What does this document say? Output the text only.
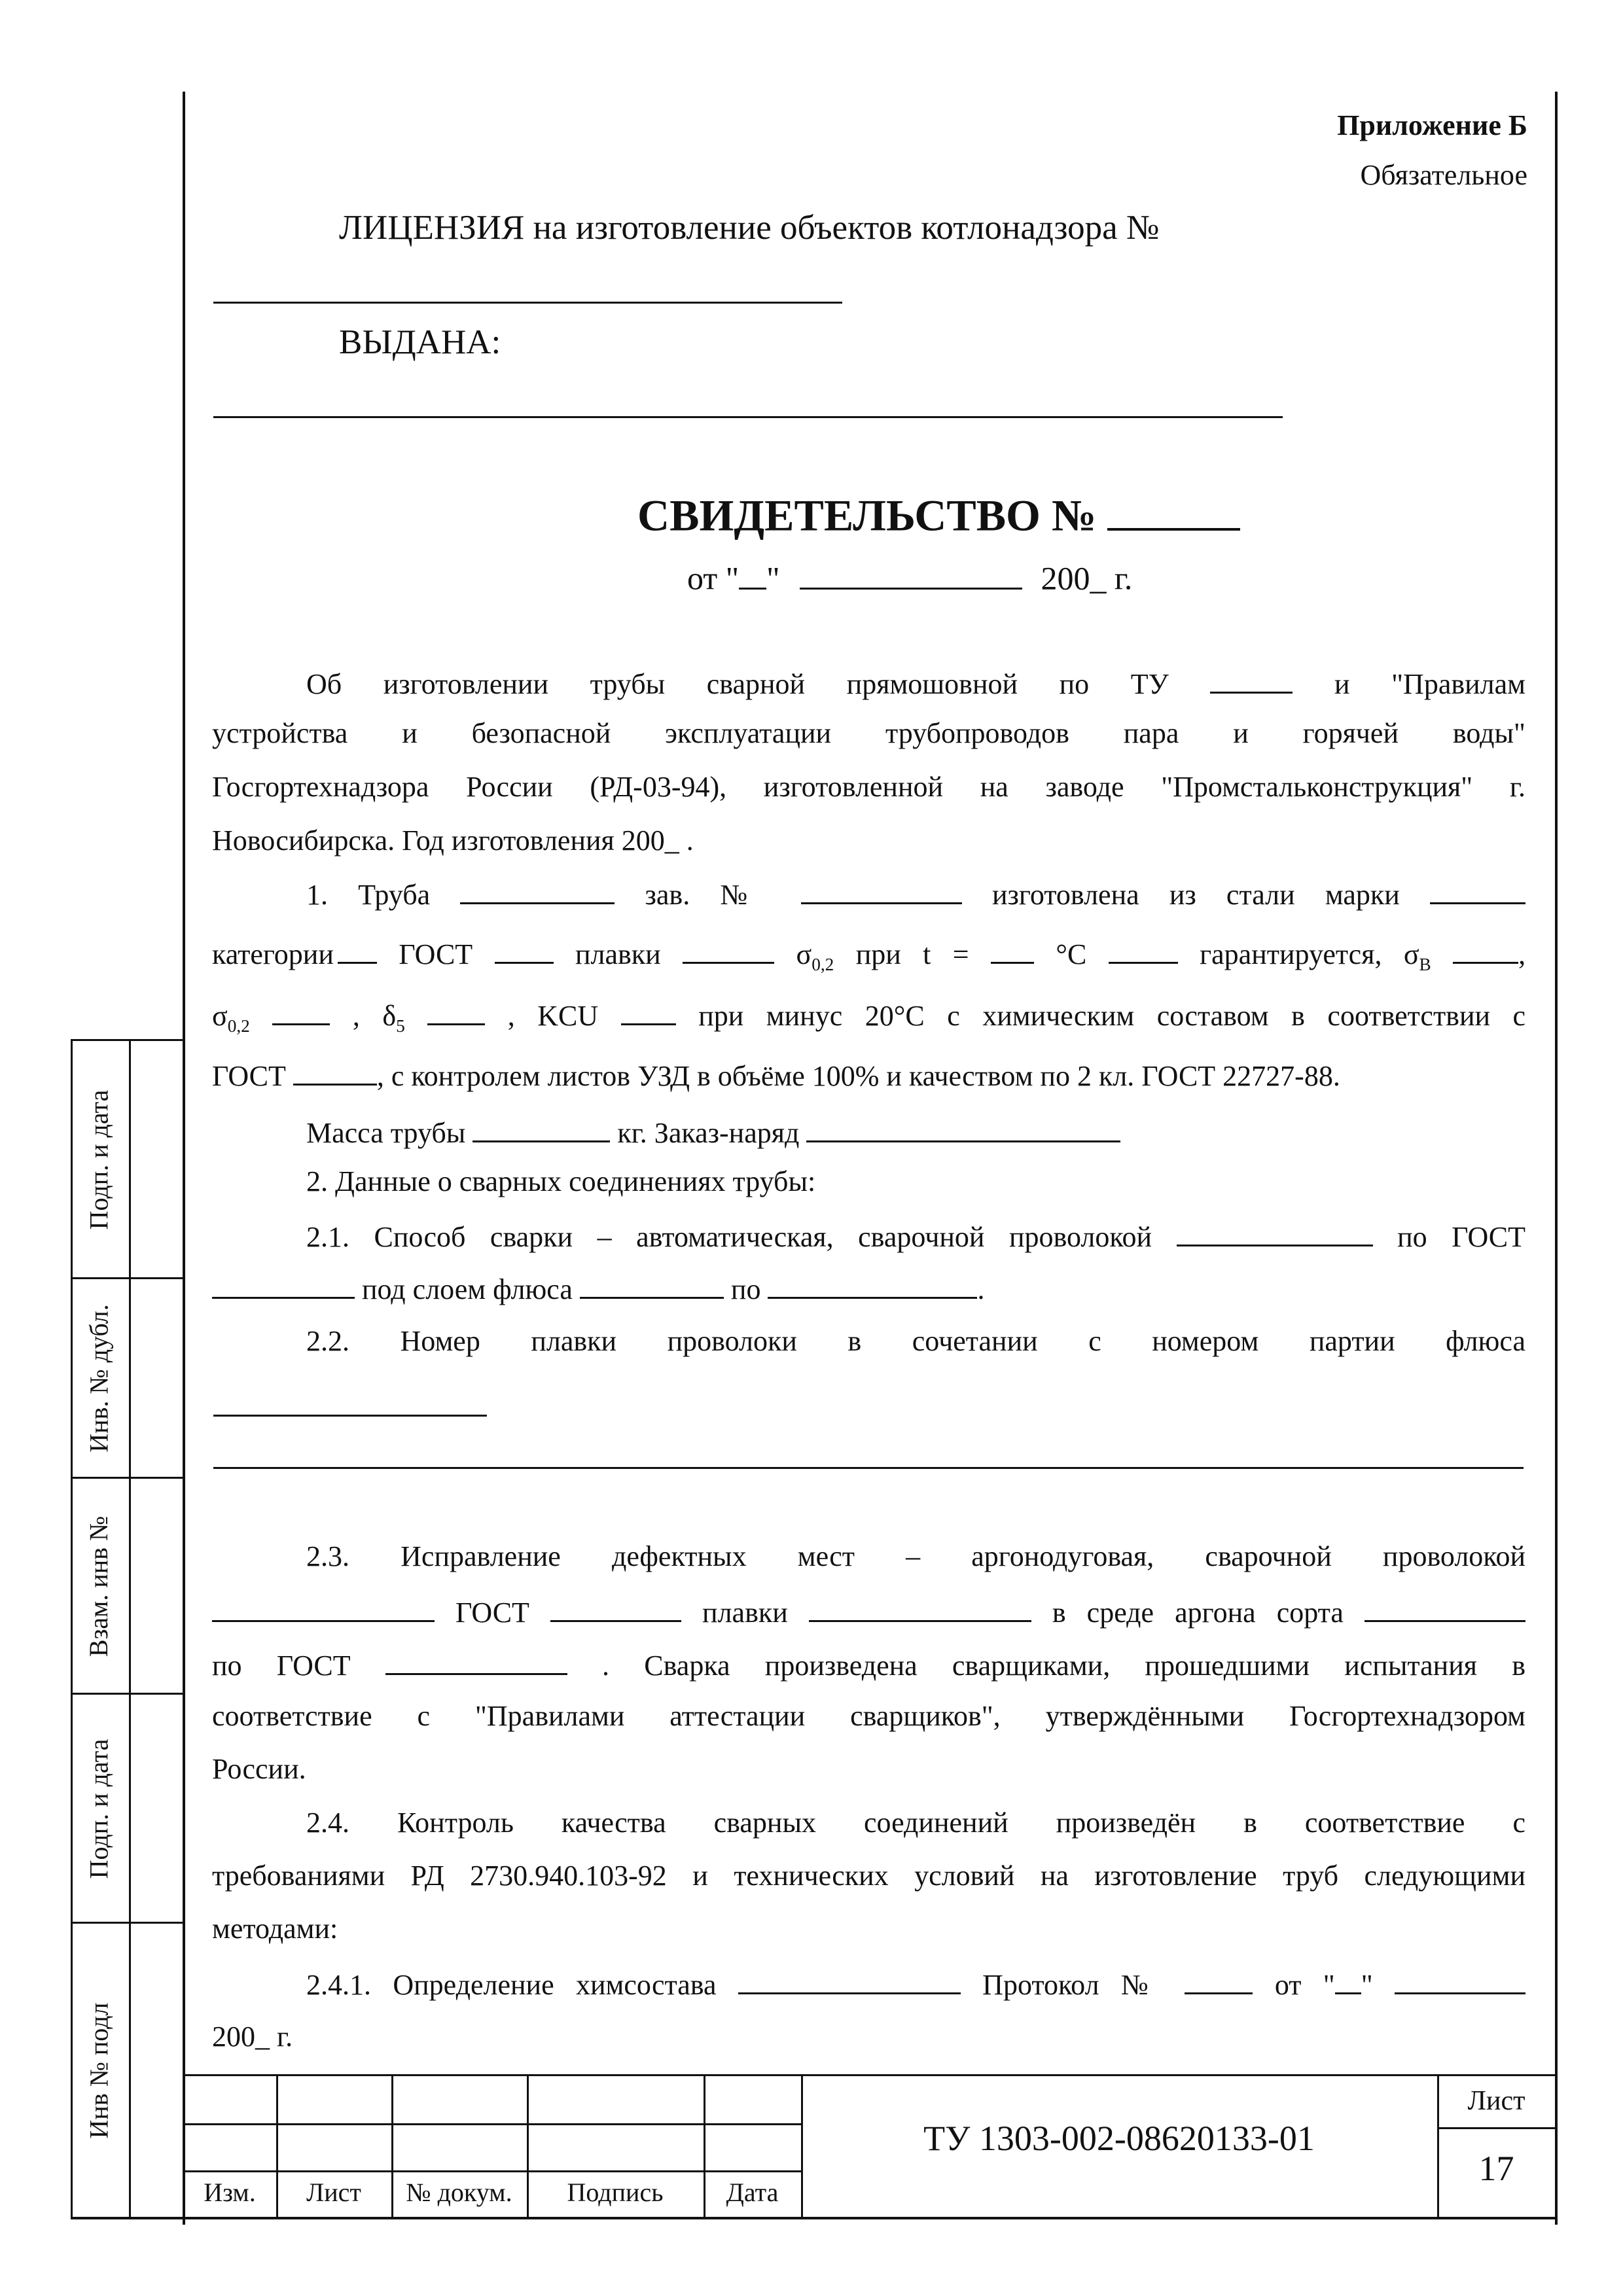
Приложение Б
Обязательное
ЛИЦЕНЗИЯ на изготовление объектов котлонадзора №
ВЫДАНА:
СВИДЕТЕЛЬСТВО №
от " "	200_ г.
Об изготовлении трубы сварной прямошовной по ТУ	и "Правилам
устройства и безопасной эксплуатации трубопроводов пара и горячей воды"
Госгортехнадзора России (РД-03-94), изготовленной на заводе "Промстальконструкция" г.
Новосибирска. Год изготовления 200_ .
1. Труба	зав. №	изготовлена из стали марки
категории ГОСТ	плавки	$\sigma_{0,2}$ при t =	°С	гарантируется, $\sigma_В$	,
$\sigma_{0,2}$	, $\delta_5$	, KCU	при минус 20°С с химическим составом в соответствии с
ГОСТ	, с контролем листов УЗД в объёме 100% и качеством по 2 кл. ГОСТ 22727-88.
Масса трубы	кг. Заказ-наряд
2. Данные о сварных соединениях трубы:
2.1. Способ сварки – автоматическая, сварочной проволокой	по ГОСТ
под слоем флюса	по	.
2.2. Номер плавки проволоки в сочетании с номером партии флюса
2.3. Исправление дефектных мест – аргонодуговая, сварочной проволокой
ГОСТ	плавки	в среде аргона сорта
по ГОСТ	. Сварка произведена сварщиками, прошедшими испытания в
соответствие с "Правилами аттестации сварщиков", утверждёнными Госгортехнадзором
России.
2.4. Контроль качества сварных соединений произведён в соответствие с
требованиями РД 2730.940.103-92 и технических условий на изготовление труб следующими
методами:
2.4.1. Определение химсостава	Протокол №	от " "
200_ г.
Подп. и дата
Инв. № дубл.
Взам. инв №
Подп. и дата
Инв № подл
Изм.	Лист	№ докум.	Подпись	Дата
ТУ 1303-002-08620133-01
Лист
17
